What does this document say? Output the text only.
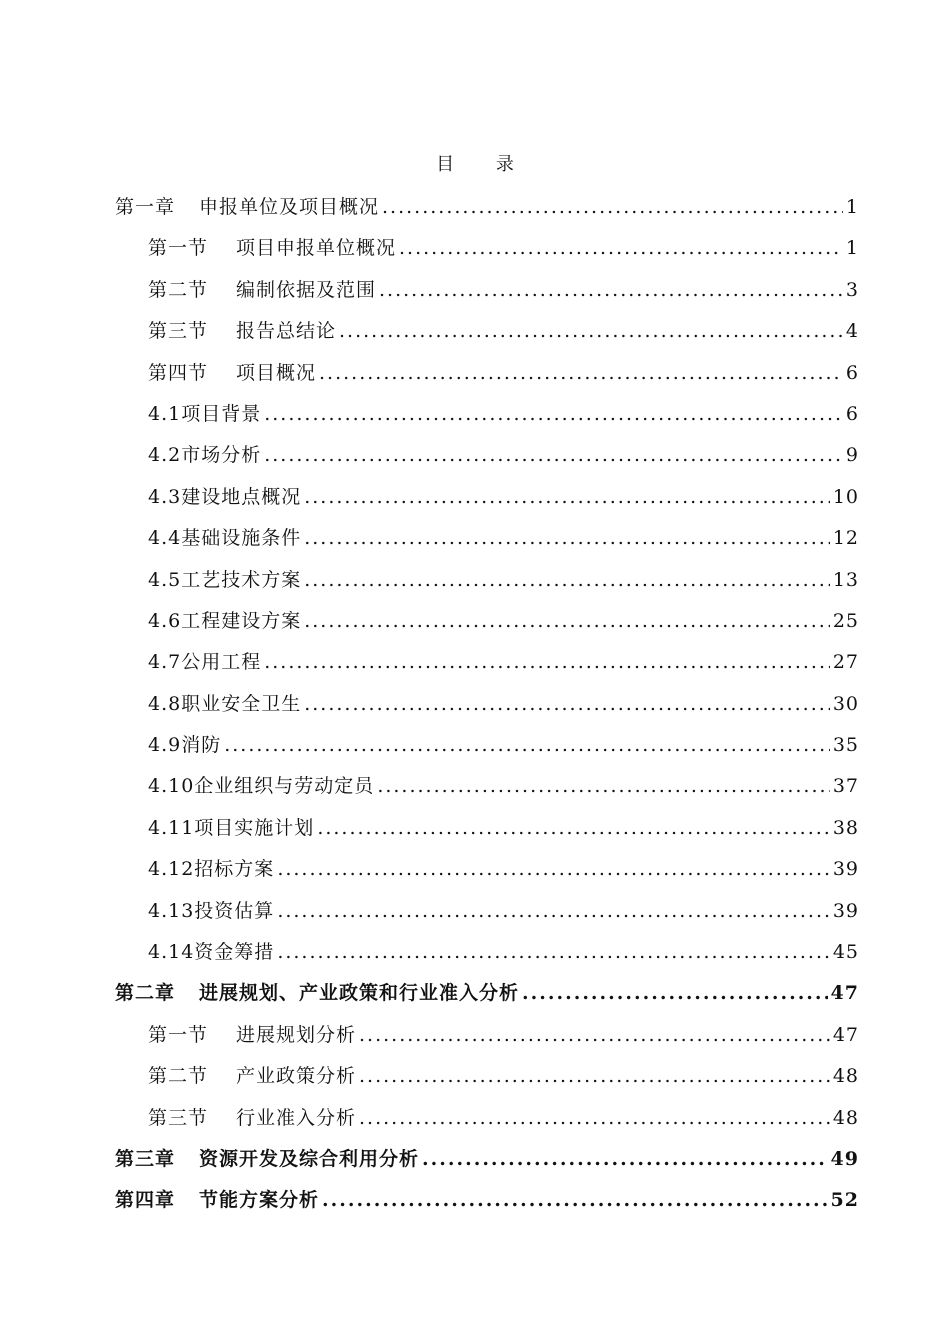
目 录
第一章 申报单位及项目概况 .....	1
第一节 项目申报单位概况 .....	1
第二节 编制依据及范围 .....	3
第三节 报告总结论 .....	4
第四节 项目概况 .....	6
4.1项目背景 .....	6
4.2市场分析 .....	9
4.3建设地点概况 .....	10
4.4基础设施条件 .....	12
4.5工艺技术方案 .....	13
4.6工程建设方案 .....	25
4.7公用工程 .....	27
4.8职业安全卫生 .....	30
4.9消防 .....	35
4.10企业组织与劳动定员 .....	37
4.11项目实施计划 .....	38
4.12招标方案 .....	39
4.13投资估算 .....	39
4.14资金筹措 .....	45
第二章 进展规划、产业政策和行业准入分析 .....	47
第一节 进展规划分析 .....	47
第二节 产业政策分析 .....	48
第三节 行业准入分析 .....	48
第三章 资源开发及综合利用分析 .....	49
第四章 节能方案分析 .....	52
